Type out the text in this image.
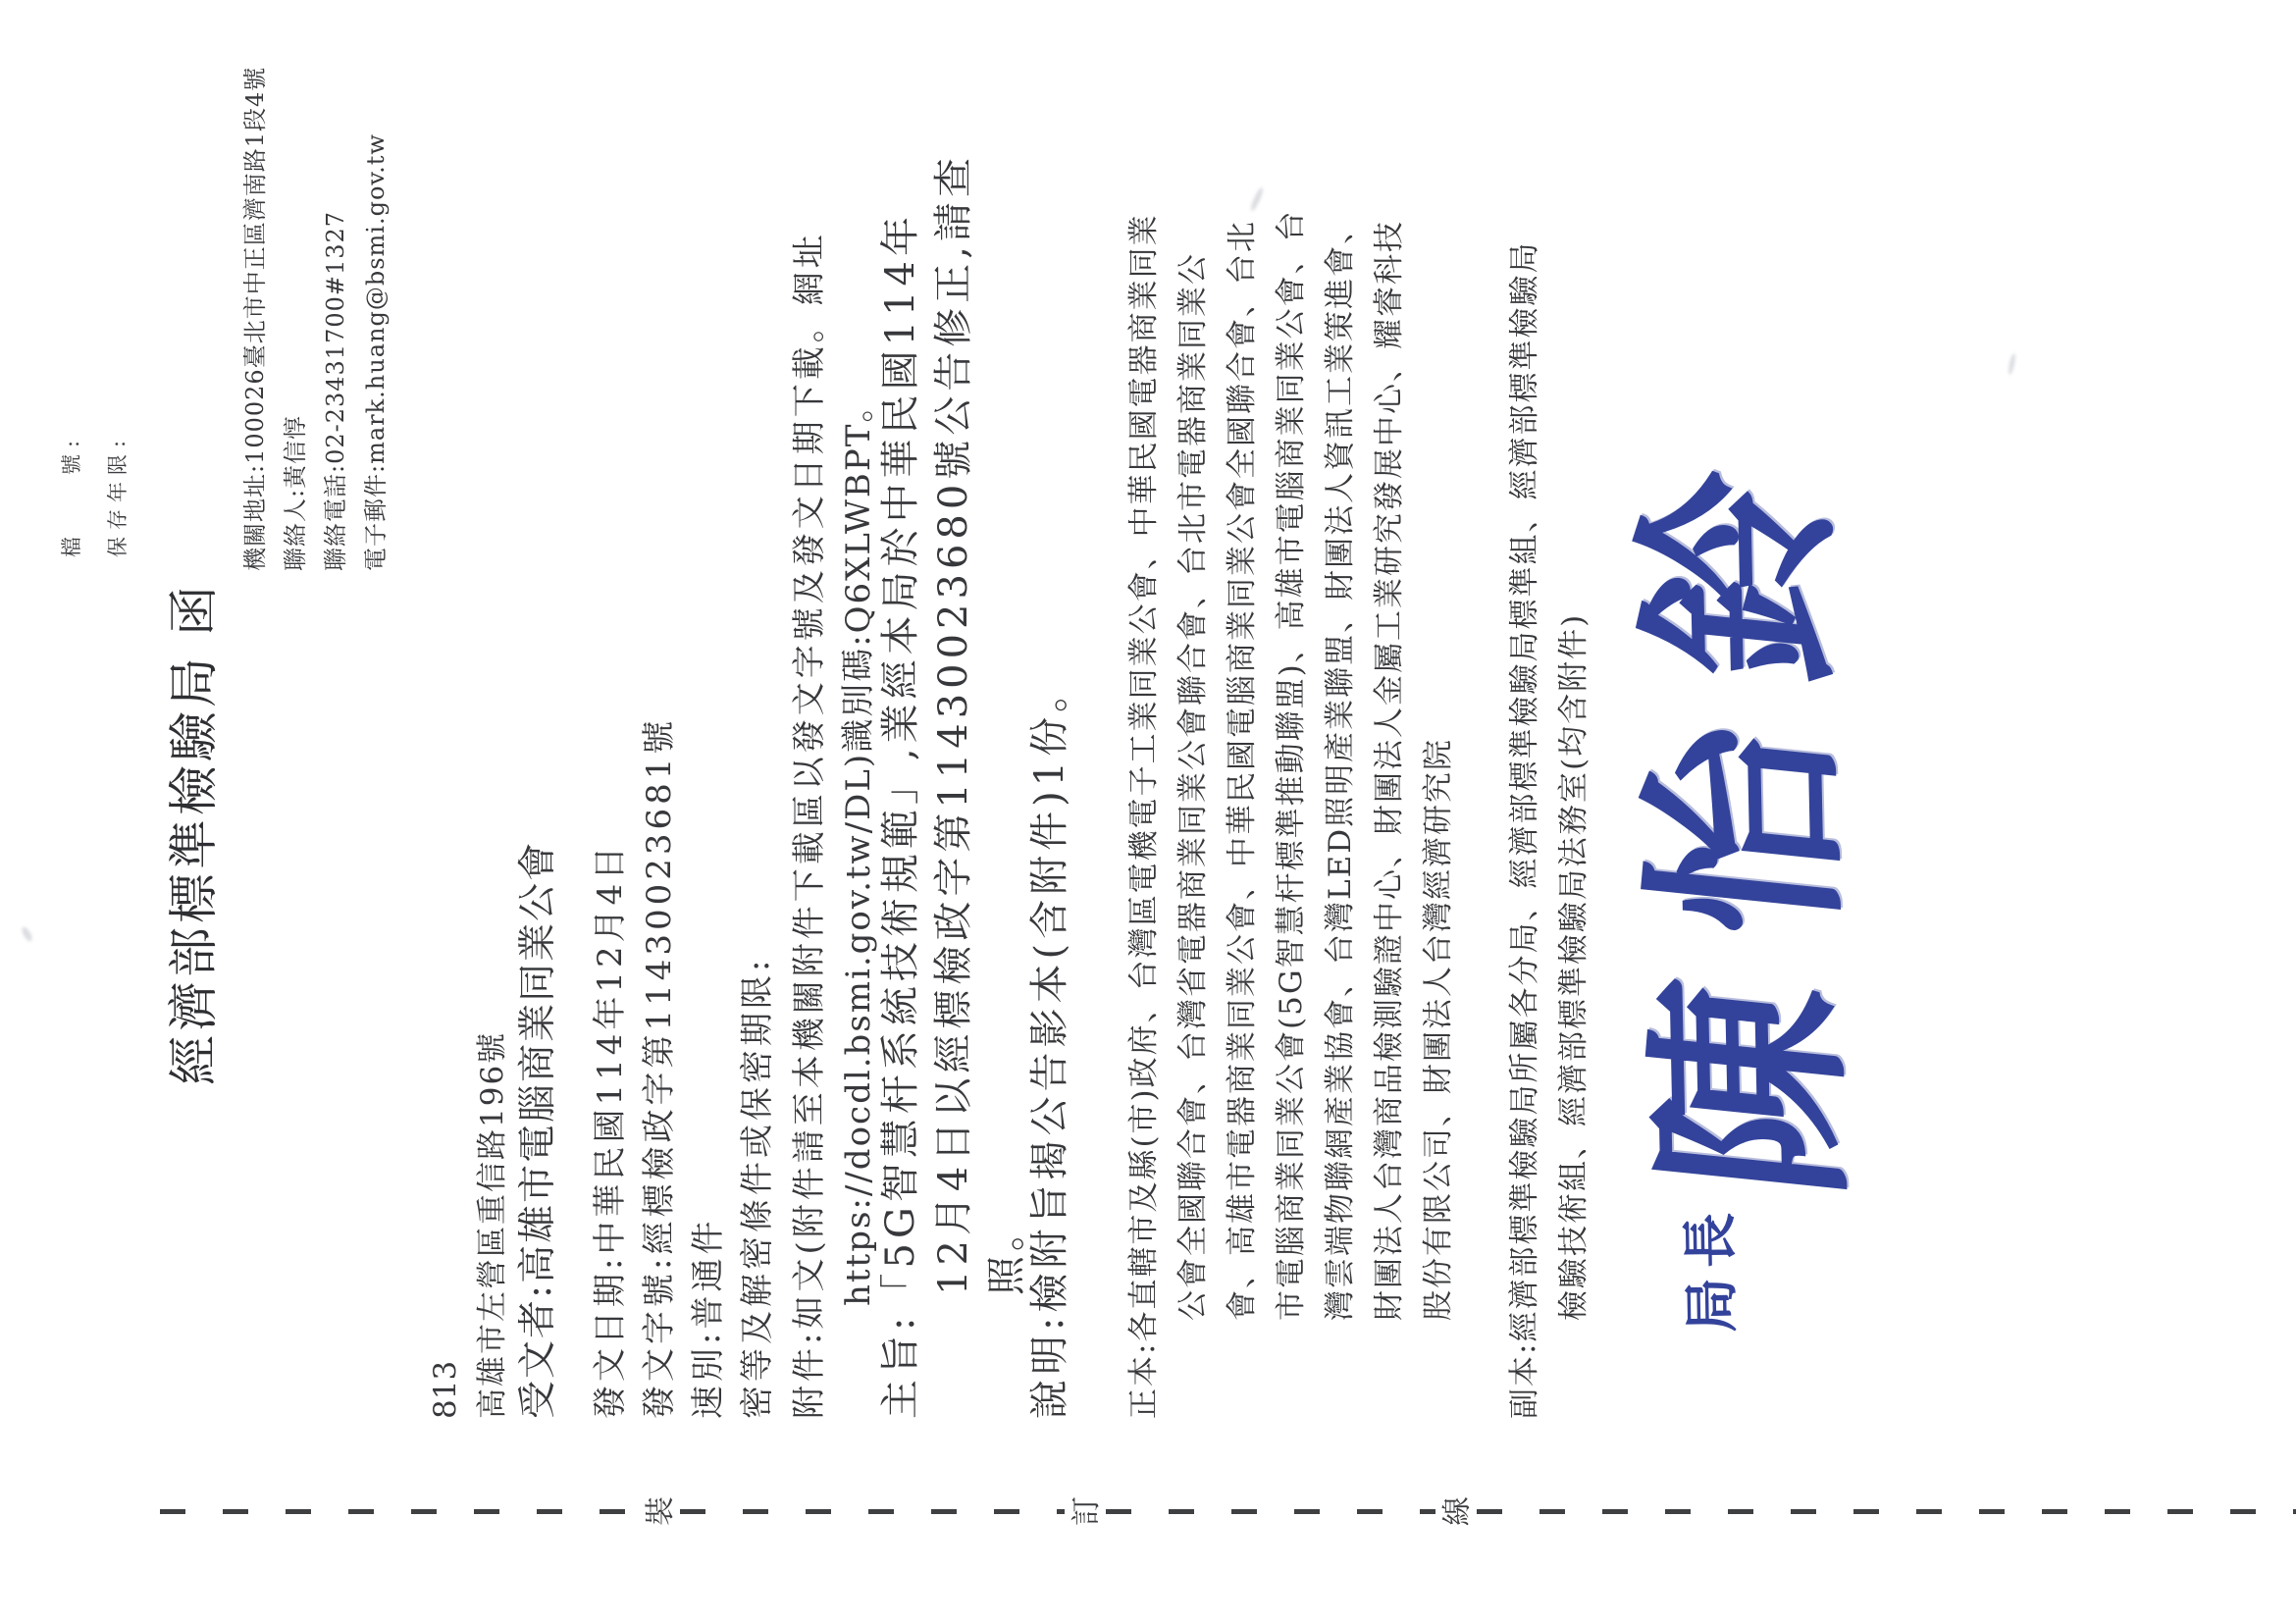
檔　　號:	保存年限:
經濟部標準檢驗局函
機關地址:100026臺北市中正區濟南路1段4號 聯絡人:黃信惇 聯絡電話:02-23431700#1327 電子郵件:mark.huang@bsmi.gov.tw
813 高雄市左營區重信路196號 受文者:高雄市電腦商業同業公會 發文日期:中華民國114年12月4日 發文字號:經標檢政字第11430023681號 速別:普通件 密等及解密條件或保密期限: 附件:如文(附件請至本機關附件下載區以發文字號及發文日期下載。網址 https://docdl.bsmi.gov.tw/DL)識別碼:Q6XLWBPT。 主旨:「5G智慧杆系統技術規範」,業經本局於中華民國114年 12月4日以經標檢政字第11430023680號公告修正,請查 照。
說明:檢附旨揭公告影本(含附件)1份。 正本:各直轄市及縣(市)政府、台灣區電機電子工業同業公會、中華民國電器商業同業 公會全國聯合會、台灣省電器商業同業公會聯合會、台北市電器商業同業公 會、高雄市電器商業同業公會、中華民國電腦商業同業公會全國聯合會、台北 市電腦商業同業公會(5G智慧杆標準推動聯盟)、高雄市電腦商業同業公會、台 灣雲端物聯網產業協會、台灣LED照明產業聯盟、財團法人資訊工業策進會、 財團法人台灣商品檢測驗證中心、財團法人金屬工業研究發展中心、耀睿科技 股份有限公司、財團法人台灣經濟研究院 副本:經濟部標準檢驗局所屬各分局、經濟部標準檢驗局標準組、經濟部標準檢驗局 檢驗技術組、經濟部標準檢驗局法務室(均含附件) 局長
陳怡鈴
裝	訂	線
